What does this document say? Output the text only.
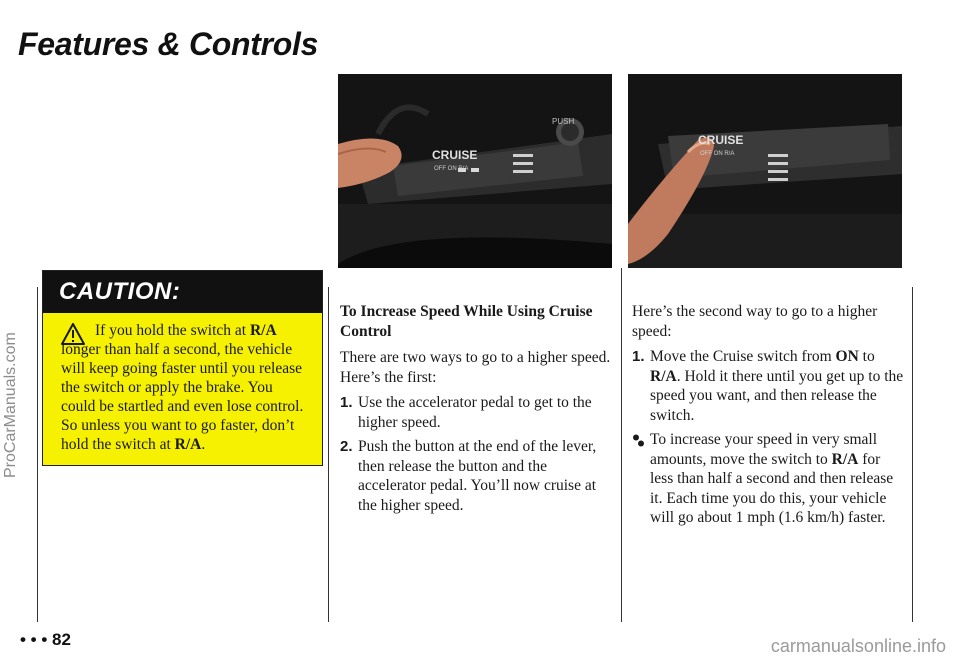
Features & Controls
ProCarManuals.com
CRUISE
OFF ON R/A
PUSH
CRUISE
OFF ON R/A
CAUTION:
If you hold the switch at R/A longer than half a second, the vehicle will keep going faster until you release the switch or apply the brake. You could be startled and even lose control. So unless you want to go faster, don’t hold the switch at R/A.
To Increase Speed While Using Cruise Control
There are two ways to go to a higher speed. Here’s the first:
1. Use the accelerator pedal to get to the higher speed.
2. Push the button at the end of the lever, then release the button and the accelerator pedal. You’ll now cruise at the higher speed.
Here’s the second way to go to a higher speed:
1. Move the Cruise switch from ON to R/A. Hold it there until you get up to the speed you want, and then release the switch.
To increase your speed in very small amounts, move the switch to R/A for less than half a second and then release it. Each time you do this, your vehicle will go about 1 mph (1.6 km/h) faster.
• • • 82	carmanualsonline.info
